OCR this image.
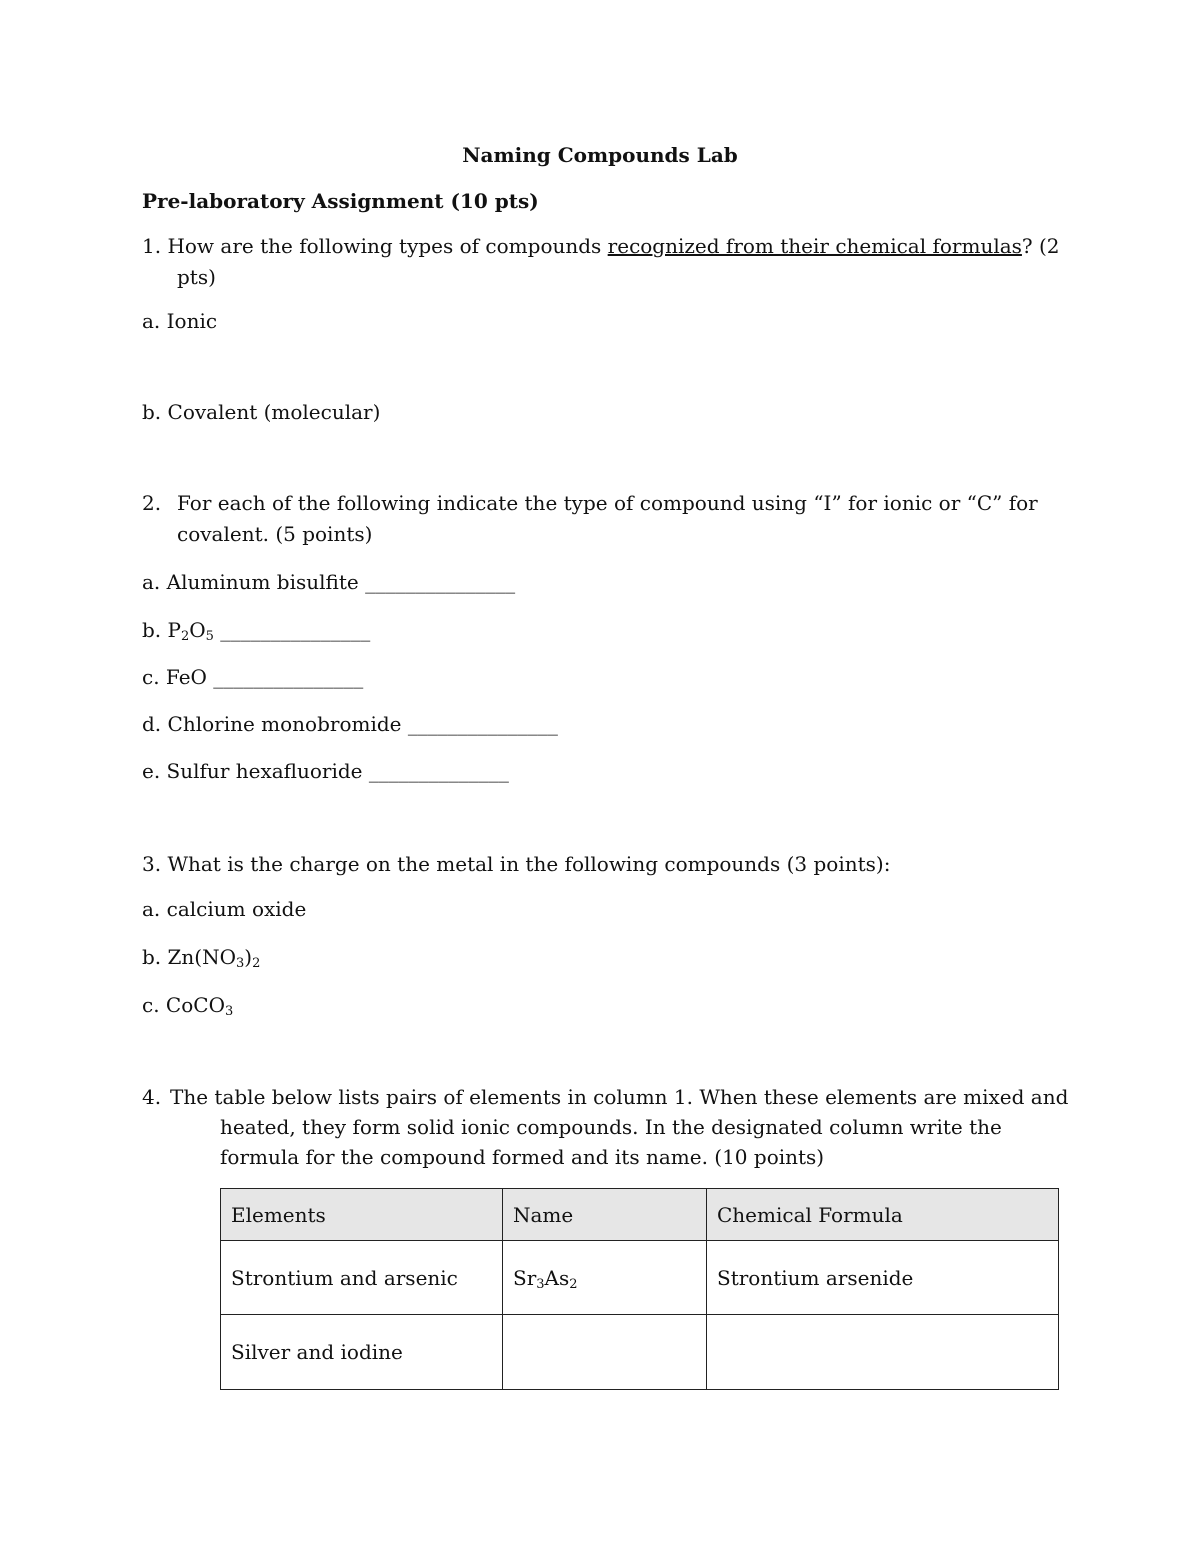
Naming Compounds Lab
Pre-laboratory Assignment (10 pts)
1. How are the following types of compounds recognized from their chemical formulas? (2
pts)
a. Ionic
b. Covalent (molecular)
2. For each of the following indicate the type of compound using “I” for ionic or “C” for
covalent. (5 points)
a. Aluminum bisulfite _______________
b. $P_2O_5$ _______________
c. FeO _______________
d. Chlorine monobromide _______________
e. Sulfur hexafluoride ______________
3. What is the charge on the metal in the following compounds (3 points):
a. calcium oxide
b. $Zn(NO_3)_2$
c. CoCO$_3$
4. The table below lists pairs of elements in column 1. When these elements are mixed and
heated, they form solid ionic compounds. In the designated column write the
formula for the compound formed and its name. (10 points)
Elements	Name	Chemical Formula
Strontium and arsenic	$Sr_3As_2$	Strontium arsenide
Silver and iodine		
